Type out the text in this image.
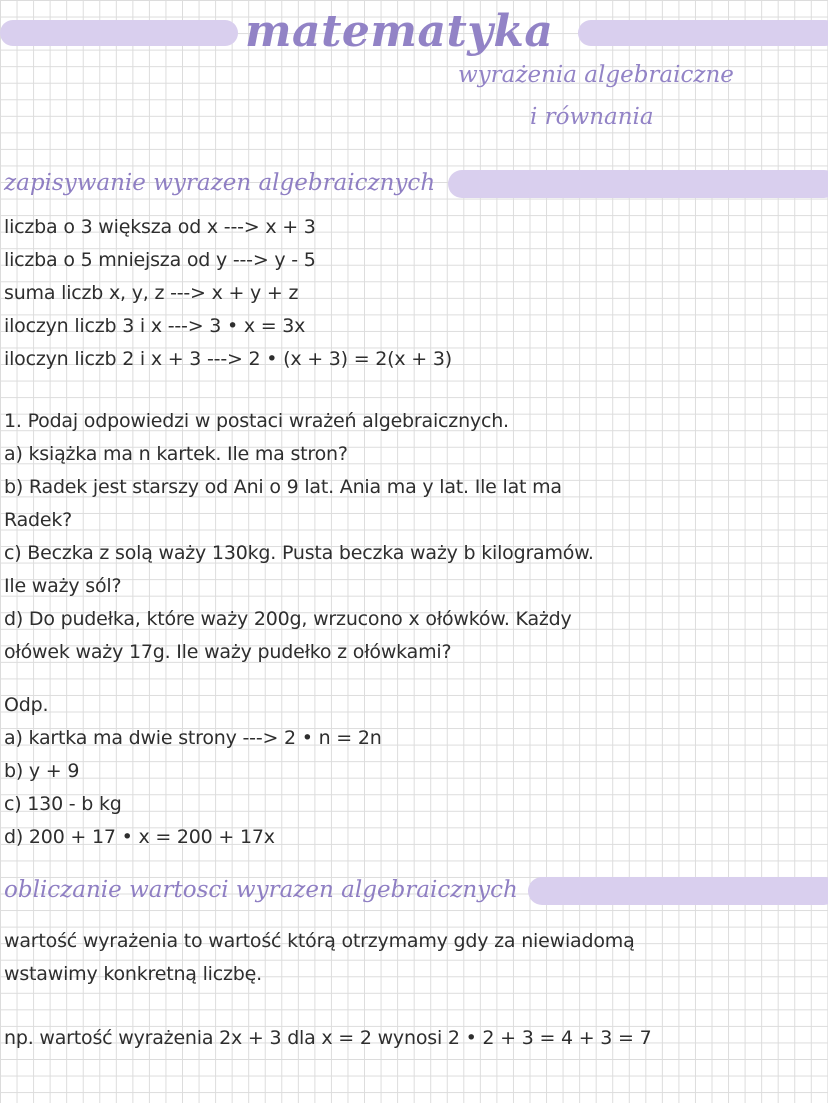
matematyka

wyrażenia algebraiczne

i równania

zapisywanie wyrazen algebraicznych

liczba o 3 większa od x ---> x + 3

liczba o 5 mniejsza od y ---> y - 5

suma liczb x, y, z ---> x + y + z

iloczyn liczb 3 i x ---> 3 • x = 3x

iloczyn liczb 2 i x + 3 ---> 2 • (x + 3) = 2(x + 3)

1. Podaj odpowiedzi w postaci wrażeń algebraicznych.

a) książka ma n kartek. Ile ma stron?

b) Radek jest starszy od Ani o 9 lat. Ania ma y lat. Ile lat ma

Radek?

c) Beczka z solą waży 130kg. Pusta beczka waży b kilogramów.

Ile waży sól?

d) Do pudełka, które waży 200g, wrzucono x ołówków. Każdy

ołówek waży 17g. Ile waży pudełko z ołówkami?

Odp.

a) kartka ma dwie strony ---> 2 • n = 2n

b) y + 9

c) 130 - b kg

d) 200 + 17 • x = 200 + 17x

obliczanie wartosci wyrazen algebraicznych

wartość wyrażenia to wartość którą otrzymamy gdy za niewiadomą

wstawimy konkretną liczbę.

np. wartość wyrażenia 2x + 3 dla x = 2 wynosi 2 • 2 + 3 = 4 + 3 = 7
